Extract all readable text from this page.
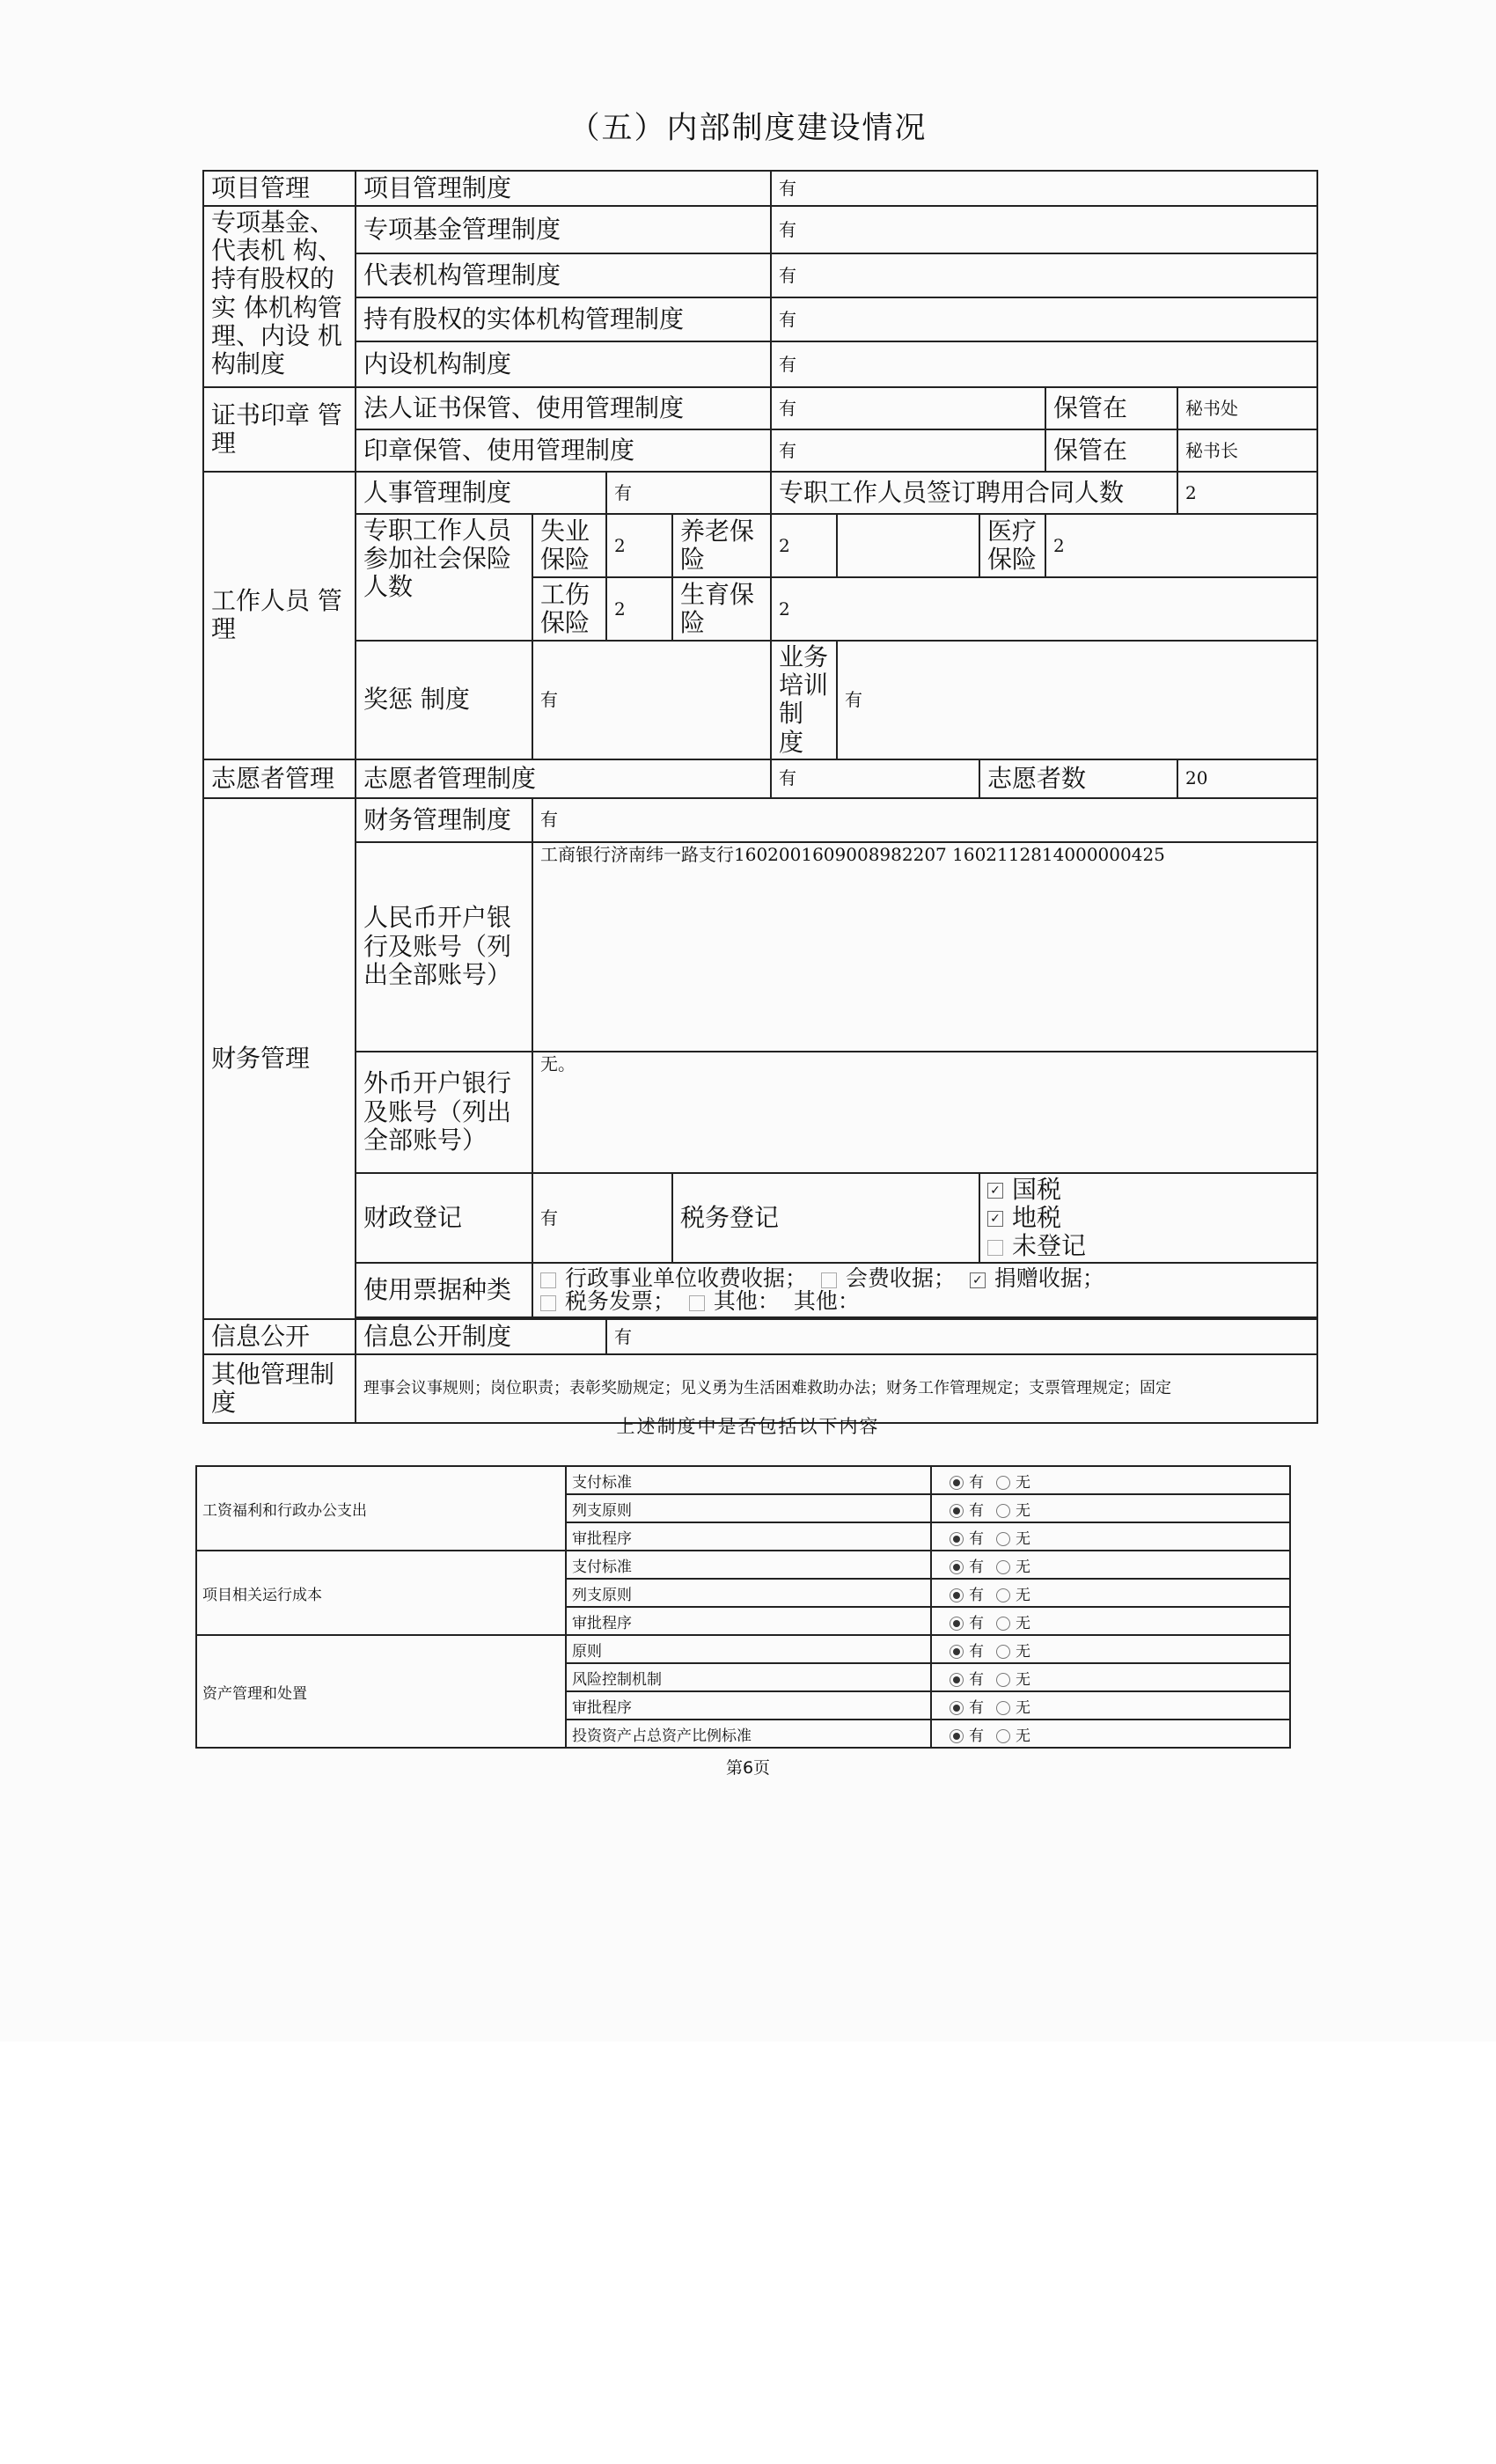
（五）内部制度建设情况
项目管理	项目管理制度				有				
专项基金、代表机 构、持有股权的实 体机构管理、内设 机构制度	专项基金管理制度				有				
	代表机构管理制度				有				
	持有股权的实体机构管理制度				有				
	内设机构制度				有				
证书印章 管理	法人证书保管、使用管理制度				有			保管在	秘书处
	印章保管、使用管理制度				有			保管在	秘书长
工作人员 管理	人事管理制度		有		专职工作人员签订聘用合同人数				2
	专职工作人员参加社会保险人数	失业保险	2	养老保险	2		医疗保险	2	
		工伤保险	2	生育保险	2				
	奖惩 制度	有			业务培训 制 度	有			
志愿者管理	志愿者管理制度				有		志愿者数		20
财务管理	财务管理制度	有							
	人民币开户银行及账号（列出全部账号）	工商银行济南纬一路支行1602001609008982207 1602112814000000425							
	外币开户银行及账号（列出全部账号）	无。							
	财政登记	有		税务登记			✓ 国税
✓ 地税
未登记		

	使用票据种类	行政事业单位收费收据； 会费收据； ✓ 捐赠收据；
税务发票； 其他： 其他：							

信息公开	信息公开制度		有						
其他管理制度	理事会议事规则；岗位职责；表彰奖励规定；见义勇为生活困难救助办法；财务工作管理规定；支票管理规定；固定								
上述制度中是否包括以下内容
工资福利和行政办公支出	支付标准	有 无
	列支原则	有 无
	审批程序	有 无
项目相关运行成本	支付标准	有 无
	列支原则	有 无
	审批程序	有 无
资产管理和处置	原则	有 无
	风险控制机制	有 无
	审批程序	有 无
	投资资产占总资产比例标准	有 无
第6页
